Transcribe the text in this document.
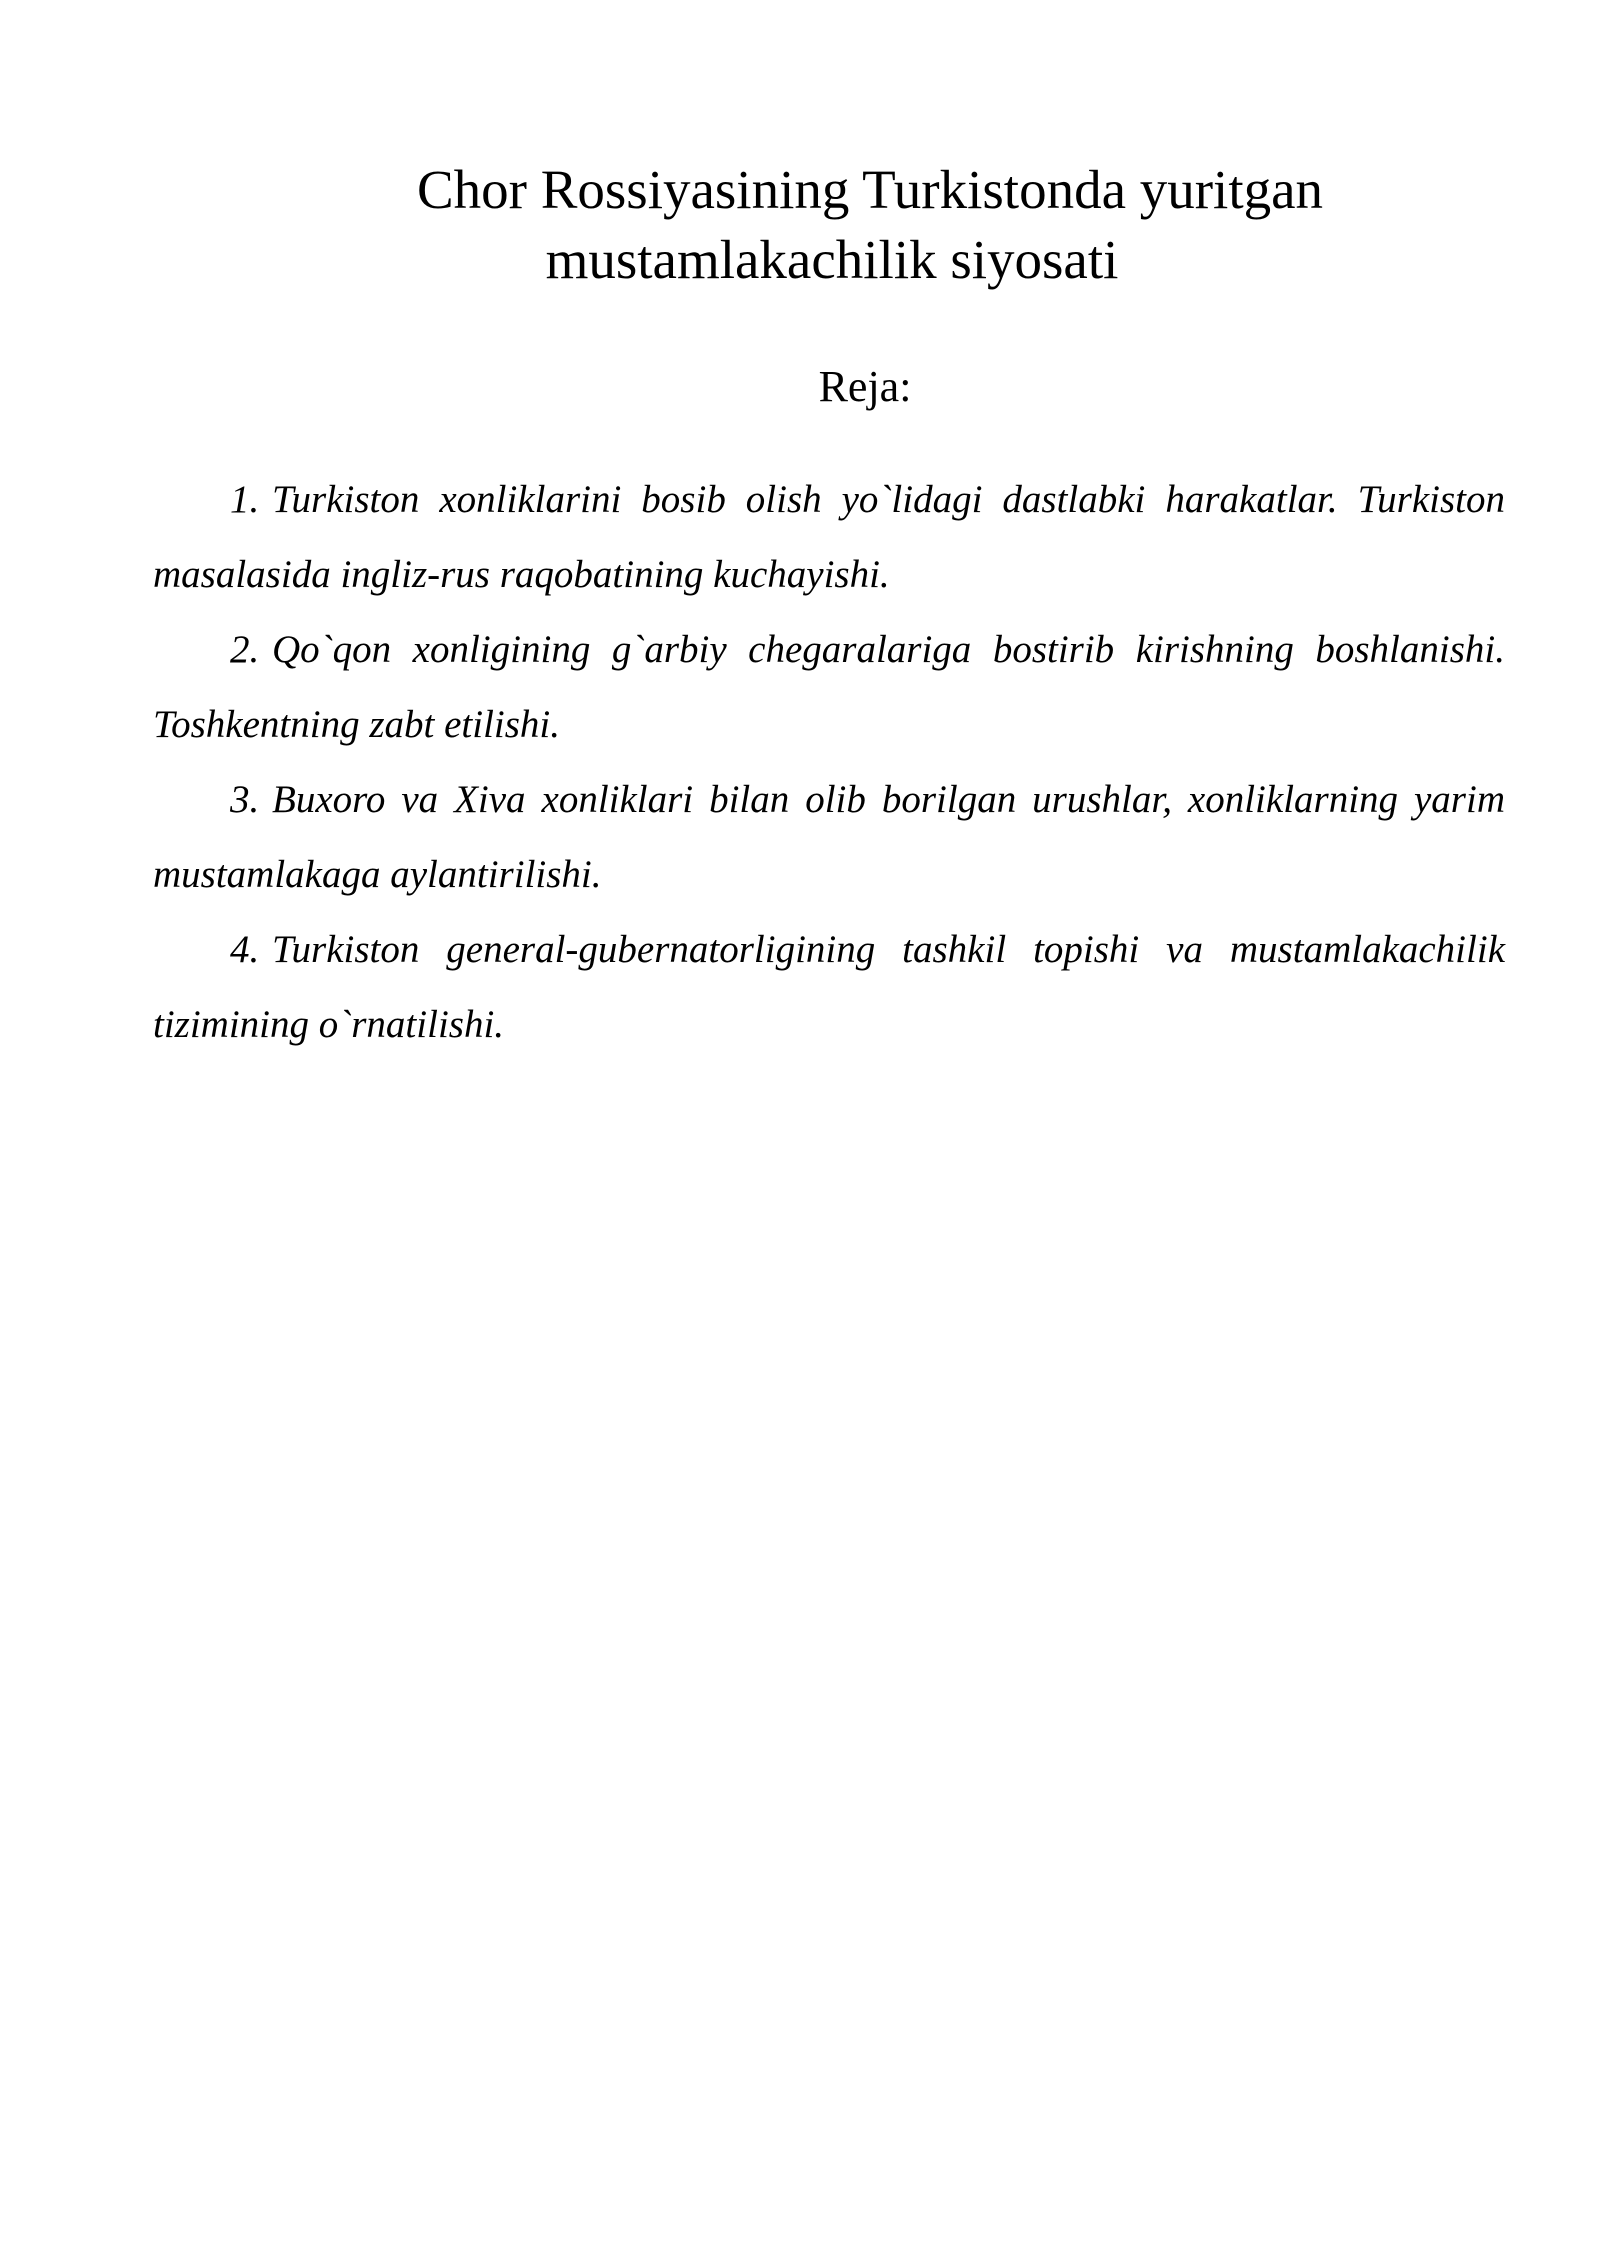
Chor Rossiyasining Turkistonda yuritgan
mustamlakachilik siyosati
Reja:
1. Turkiston xonliklarini bosib olish yo`lidagi dastlabki harakatlar. Turkiston masalasida ingliz-rus raqobatining kuchayishi.
2. Qo`qon xonligining g`arbiy chegaralariga bostirib kirishning boshlanishi. Toshkentning zabt etilishi.
3. Buxoro va Xiva xonliklari bilan olib borilgan urushlar, xonliklarning yarim mustamlakaga aylantirilishi.
4. Turkiston general-gubernatorligining tashkil topishi va mustamlakachilik tizimining o`rnatilishi.
